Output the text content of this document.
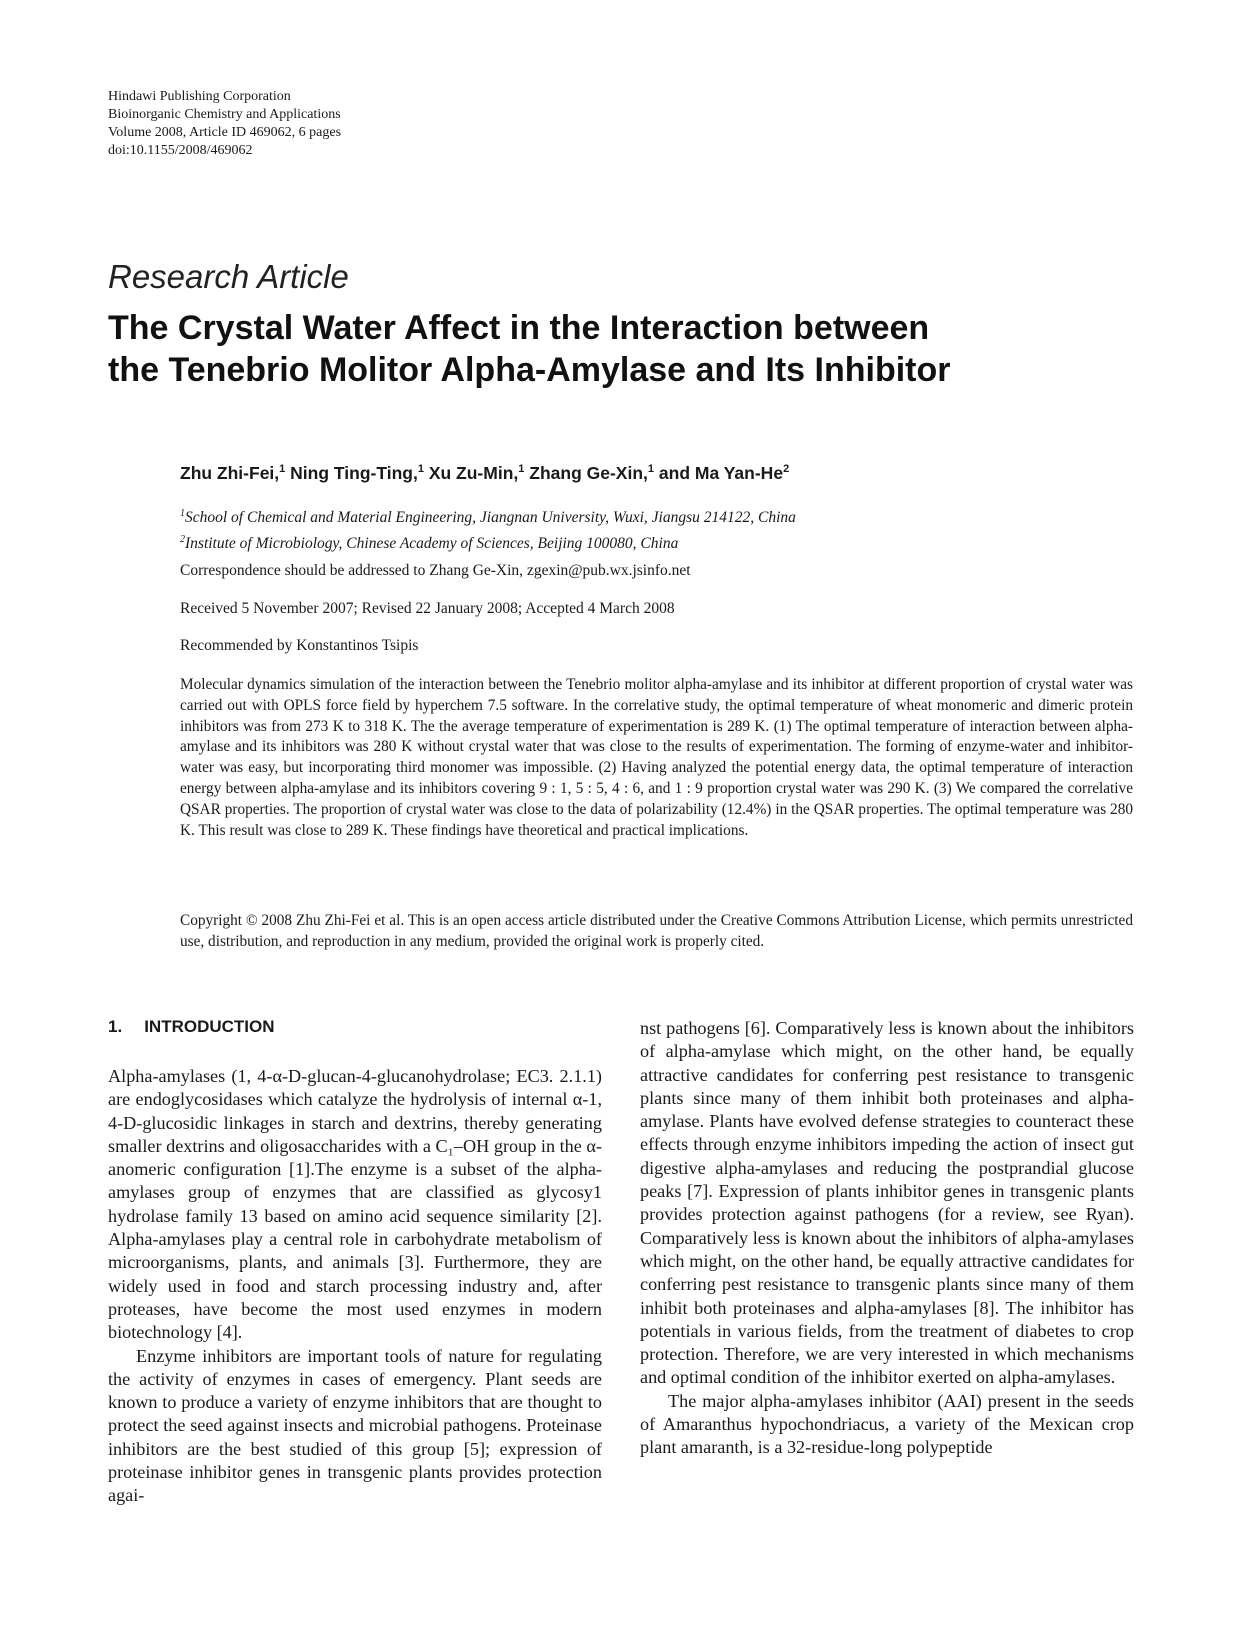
Hindawi Publishing Corporation
Bioinorganic Chemistry and Applications
Volume 2008, Article ID 469062, 6 pages
doi:10.1155/2008/469062
Research Article
The Crystal Water Affect in the Interaction between
the Tenebrio Molitor Alpha-Amylase and Its Inhibitor
Zhu Zhi-Fei,$^1$ Ning Ting-Ting,$^1$ Xu Zu-Min,$^1$ Zhang Ge-Xin,$^1$ and Ma Yan-He$^2$
$^1$School of Chemical and Material Engineering, Jiangnan University, Wuxi, Jiangsu 214122, China
$^2$Institute of Microbiology, Chinese Academy of Sciences, Beijing 100080, China
Correspondence should be addressed to Zhang Ge-Xin, zgexin@pub.wx.jsinfo.net
Received 5 November 2007; Revised 22 January 2008; Accepted 4 March 2008
Recommended by Konstantinos Tsipis
Molecular dynamics simulation of the interaction between the Tenebrio molitor alpha-amylase and its inhibitor at different proportion of crystal water was carried out with OPLS force field by hyperchem 7.5 software. In the correlative study, the optimal temperature of wheat monomeric and dimeric protein inhibitors was from 273 K to 318 K. The the average temperature of experimentation is 289 K. (1) The optimal temperature of interaction between alpha-amylase and its inhibitors was 280 K without crystal water that was close to the results of experimentation. The forming of enzyme-water and inhibitor-water was easy, but incorporating third monomer was impossible. (2) Having analyzed the potential energy data, the optimal temperature of interaction energy between alpha-amylase and its inhibitors covering 9 : 1, 5 : 5, 4 : 6, and 1 : 9 proportion crystal water was 290 K. (3) We compared the correlative QSAR properties. The proportion of crystal water was close to the data of polarizability (12.4%) in the QSAR properties. The optimal temperature was 280 K. This result was close to 289 K. These findings have theoretical and practical implications.
Copyright © 2008 Zhu Zhi-Fei et al. This is an open access article distributed under the Creative Commons Attribution License, which permits unrestricted use, distribution, and reproduction in any medium, provided the original work is properly cited.
1. INTRODUCTION

Alpha-amylases (1, 4-α-D-glucan-4-glucanohydrolase; EC3. 2.1.1) are endoglycosidases which catalyze the hydrolysis of internal α-1, 4-D-glucosidic linkages in starch and dextrins, thereby generating smaller dextrins and oligosaccharides with a C₁–OH group in the α-anomeric configuration [1].The enzyme is a subset of the alpha-amylases group of enzymes that are classified as glycosy1 hydrolase family 13 based on amino acid sequence similarity [2]. Alpha-amylases play a central role in carbohydrate metabolism of microorganisms, plants, and animals [3]. Furthermore, they are widely used in food and starch processing industry and, after proteases, have become the most used enzymes in modern biotechnology [4].

Enzyme inhibitors are important tools of nature for regulating the activity of enzymes in cases of emergency. Plant seeds are known to produce a variety of enzyme inhibitors that are thought to protect the seed against insects and microbial pathogens. Proteinase inhibitors are the best studied of this group [5]; expression of proteinase inhibitor genes in transgenic plants provides protection agai-

nst pathogens [6]. Comparatively less is known about the inhibitors of alpha-amylase which might, on the other hand, be equally attractive candidates for conferring pest resistance to transgenic plants since many of them inhibit both proteinases and alpha-amylase. Plants have evolved defense strategies to counteract these effects through enzyme inhibitors impeding the action of insect gut digestive alpha-amylases and reducing the postprandial glucose peaks [7]. Expression of plants inhibitor genes in transgenic plants provides protection against pathogens (for a review, see Ryan). Comparatively less is known about the inhibitors of alpha-amylases which might, on the other hand, be equally attractive candidates for conferring pest resistance to transgenic plants since many of them inhibit both proteinases and alpha-amylases [8]. The inhibitor has potentials in various fields, from the treatment of diabetes to crop protection. Therefore, we are very interested in which mechanisms and optimal condition of the inhibitor exerted on alpha-amylases.

The major alpha-amylases inhibitor (AAI) present in the seeds of Amaranthus hypochondriacus, a variety of the Mexican crop plant amaranth, is a 32-residue-long polypeptide
